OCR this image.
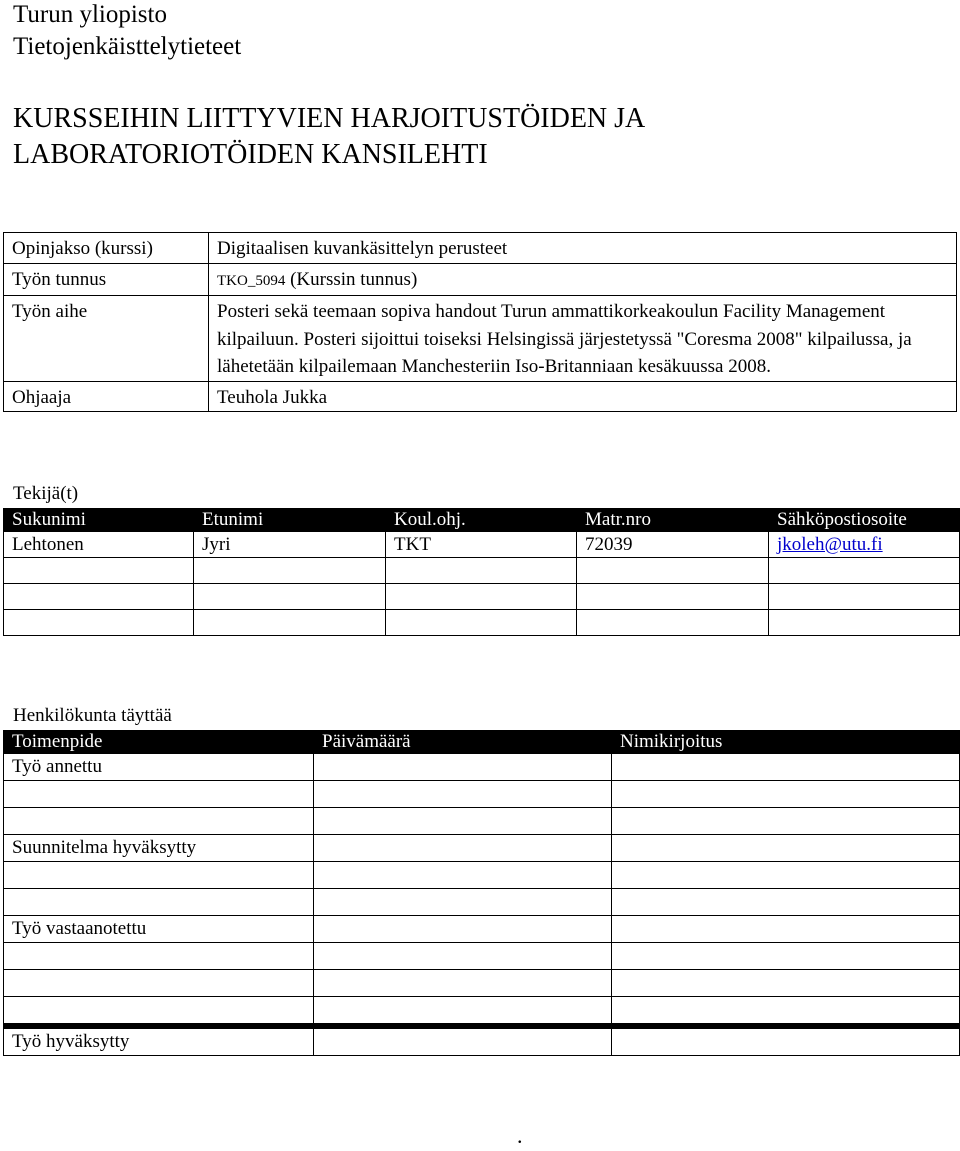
Turun yliopisto
Tietojenkäisttelytieteet
KURSSEIHIN LIITTYVIEN HARJOITUSTÖIDEN JA
LABORATORIOTÖIDEN KANSILEHTI
Opinjakso (kurssi)	Digitaalisen kuvankäsittelyn perusteet
Työn tunnus	TKO_5094 (Kurssin tunnus)
Työn aihe	Posteri sekä teemaan sopiva handout Turun ammattikorkeakoulun Facility Management kilpailuun. Posteri sijoittui toiseksi Helsingissä järjestetyssä "Coresma 2008" kilpailussa, ja lähetetään kilpailemaan Manchesteriin Iso-Britanniaan kesäkuussa 2008.
Ohjaaja	Teuhola Jukka
Tekijä(t)
Sukunimi	Etunimi	Koul.ohj.	Matr.nro	Sähköpostiosoite
Lehtonen	Jyri	TKT	72039	jkoleh@utu.fi

Henkilökunta täyttää
Toimenpide	Päivämäärä	Nimikirjoitus
Työ annettu		

Suunnitelma hyväksytty		

Työ vastaanotettu		

Työ hyväksytty		
.
